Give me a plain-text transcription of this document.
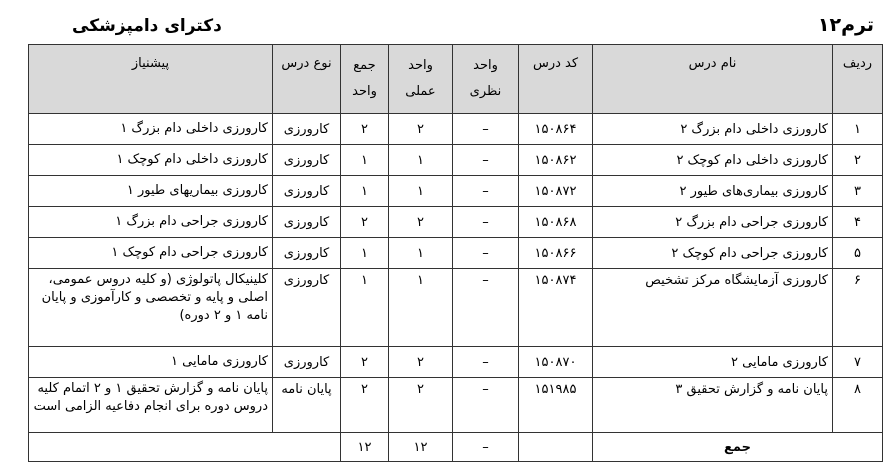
ترم۱۲
دکترای دامپزشکی
ردیف	نام درس	کد درس	واحد نظری	واحد عملی	جمع واحد	نوع درس	پیشنیاز
۱	کارورزی داخلی دام بزرگ ۲	۱۵۰۸۶۴	–	۲	۲	کارورزی	کارورزی داخلی دام بزرگ ۱
۲	کارورزی داخلی دام کوچک ۲	۱۵۰۸۶۲	–	۱	۱	کارورزی	کارورزی داخلی دام کوچک ۱
۳	کارورزی بیماری‌های طیور ۲	۱۵۰۸۷۲	–	۱	۱	کارورزی	کارورزی بیماریهای طیور ۱
۴	کارورزی جراحی دام بزرگ ۲	۱۵۰۸۶۸	–	۲	۲	کارورزی	کارورزی جراحی دام بزرگ ۱
۵	کارورزی جراحی دام کوچک ۲	۱۵۰۸۶۶	–	۱	۱	کارورزی	کارورزی جراحی دام کوچک ۱
۶	کارورزی آزمایشگاه مرکز تشخیص	۱۵۰۸۷۴	–	۱	۱	کارورزی	کلینیکال پاتولوژی (و کلیه دروس عمومی، اصلی و پایه و تخصصی و کارآموزی و پایان نامه ۱ و ۲ دوره)
۷	کارورزی مامایی ۲	۱۵۰۸۷۰	–	۲	۲	کارورزی	کارورزی مامایی ۱
۸	پایان نامه و گزارش تحقیق ۳	۱۵۱۹۸۵	–	۲	۲	پایان نامه	پایان نامه و گزارش تحقیق ۱ و ۲ اتمام کلیه دروس دوره برای انجام دفاعیه الزامی است
جمع			–	۱۲	۱۲		
